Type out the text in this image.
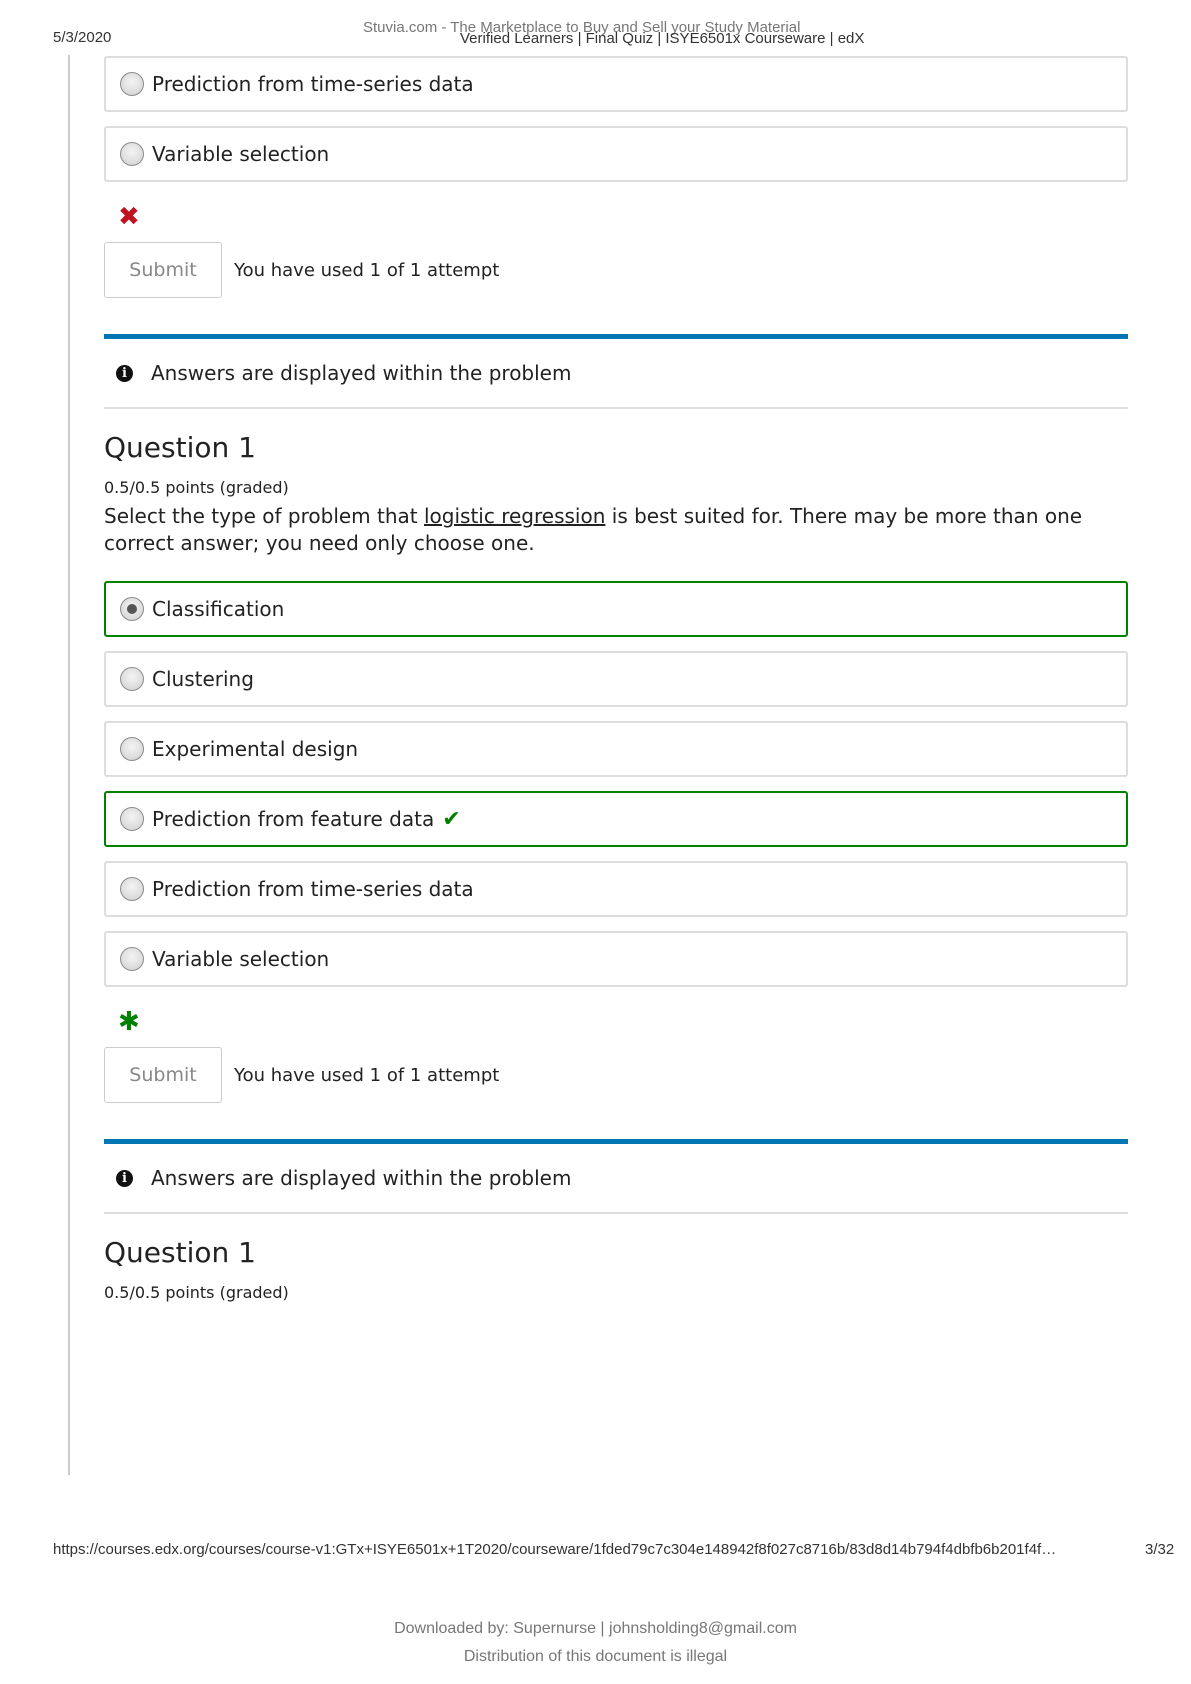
5/3/2020
Stuvia.com - The Marketplace to Buy and Sell your Study Material
Verified Learners | Final Quiz | ISYE6501x Courseware | edX
Prediction from time-series data
Variable selection
✖
Submit	You have used 1 of 1 attempt
i	Answers are displayed within the problem
Question 1
0.5/0.5 points (graded)
Select the type of problem that logistic regression is best suited for. There may be more than one correct answer; you need only choose one.
Classification
Clustering
Experimental design
Prediction from feature data ✔
Prediction from time-series data
Variable selection
✱
Submit	You have used 1 of 1 attempt
i	Answers are displayed within the problem
Question 1
0.5/0.5 points (graded)
https://courses.edx.org/courses/course-v1:GTx+ISYE6501x+1T2020/courseware/1fded79c7c304e148942f8f027c8716b/83d8d14b794f4dbfb6b201f4f…	3/32
Downloaded by: Supernurse | johnsholding8@gmail.com
Distribution of this document is illegal
